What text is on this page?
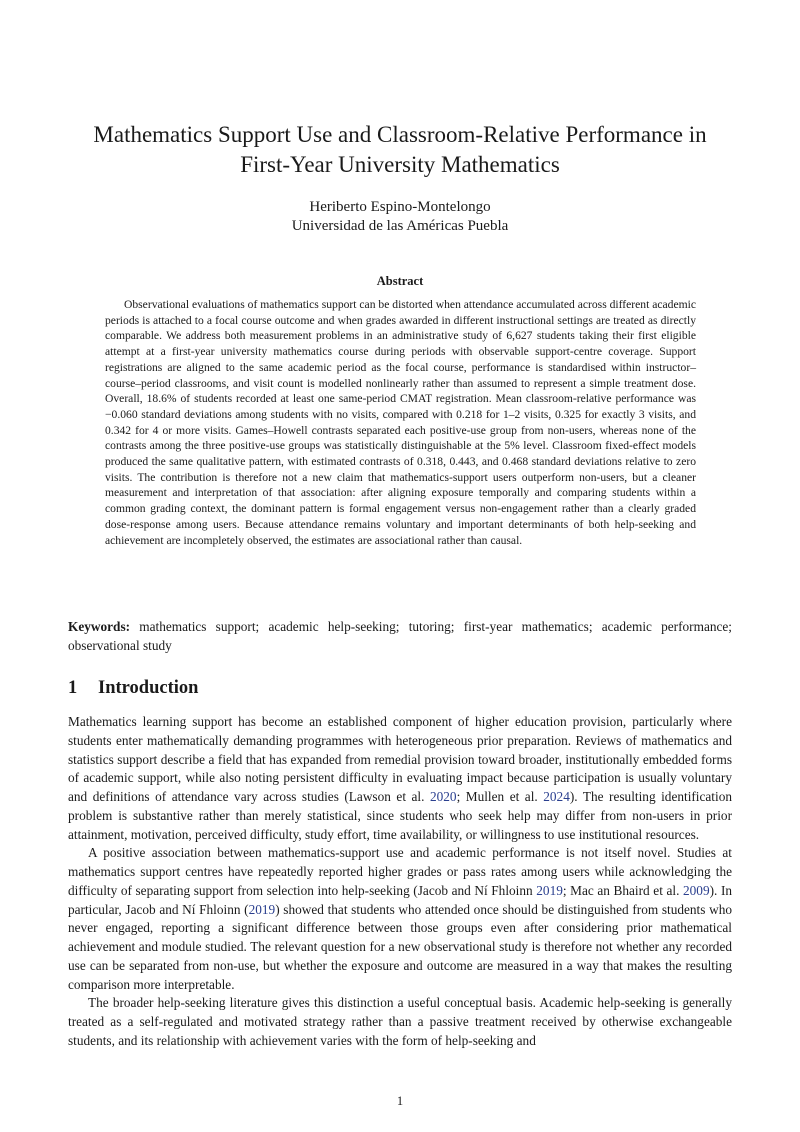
Mathematics Support Use and Classroom-Relative Performance in
First-Year University Mathematics
Heriberto Espino-Montelongo
Universidad de las Américas Puebla
Abstract

Observational evaluations of mathematics support can be distorted when attendance accumulated across different academic periods is attached to a focal course outcome and when grades awarded in different instructional settings are treated as directly comparable. We address both measurement problems in an administrative study of 6,627 students taking their first eligible attempt at a first-year university mathematics course during periods with observable support-centre coverage. Support registrations are aligned to the same academic period as the focal course, performance is standardised within instructor–course–period classrooms, and visit count is modelled nonlinearly rather than assumed to represent a simple treatment dose. Overall, 18.6% of students recorded at least one same-period CMAT registration. Mean classroom-relative performance was −0.060 standard deviations among students with no visits, compared with 0.218 for 1–2 visits, 0.325 for exactly 3 visits, and 0.342 for 4 or more visits. Games–Howell contrasts separated each positive-use group from non-users, whereas none of the contrasts among the three positive-use groups was statistically distinguishable at the 5% level. Classroom fixed-effect models produced the same qualitative pattern, with estimated contrasts of 0.318, 0.443, and 0.468 standard deviations relative to zero visits. The contribution is therefore not a new claim that mathematics-support users outperform non-users, but a cleaner measurement and interpretation of that association: after aligning exposure temporally and comparing students within a common grading context, the dominant pattern is formal engagement versus non-engagement rather than a clearly graded dose-response among users. Because attendance remains voluntary and important determinants of both help-seeking and achievement are incompletely observed, the estimates are associational rather than causal.

Keywords: mathematics support; academic help-seeking; tutoring; first-year mathematics; academic performance; observational study

1 Introduction

Mathematics learning support has become an established component of higher education provision, particularly where students enter mathematically demanding programmes with heterogeneous prior preparation. Reviews of mathematics and statistics support describe a field that has expanded from remedial provision toward broader, institutionally embedded forms of academic support, while also noting persistent difficulty in evaluating impact because participation is usually voluntary and definitions of attendance vary across studies (Lawson et al. 2020; Mullen et al. 2024). The resulting identification problem is substantive rather than merely statistical, since students who seek help may differ from non-users in prior attainment, motivation, perceived difficulty, study effort, time availability, or willingness to use institutional resources.

A positive association between mathematics-support use and academic performance is not itself novel. Studies at mathematics support centres have repeatedly reported higher grades or pass rates among users while acknowledging the difficulty of separating support from selection into help-seeking (Jacob and Ní Fhloinn 2019; Mac an Bhaird et al. 2009). In particular, Jacob and Ní Fhloinn (2019) showed that students who attended once should be distinguished from students who never engaged, reporting a significant difference between those groups even after considering prior mathematical achievement and module studied. The relevant question for a new observational study is therefore not whether any recorded use can be separated from non-use, but whether the exposure and outcome are measured in a way that makes the resulting comparison more interpretable.

The broader help-seeking literature gives this distinction a useful conceptual basis. Academic help-seeking is generally treated as a self-regulated and motivated strategy rather than a passive treatment received by otherwise exchangeable students, and its relationship with achievement varies with the form of help-seeking and

1
